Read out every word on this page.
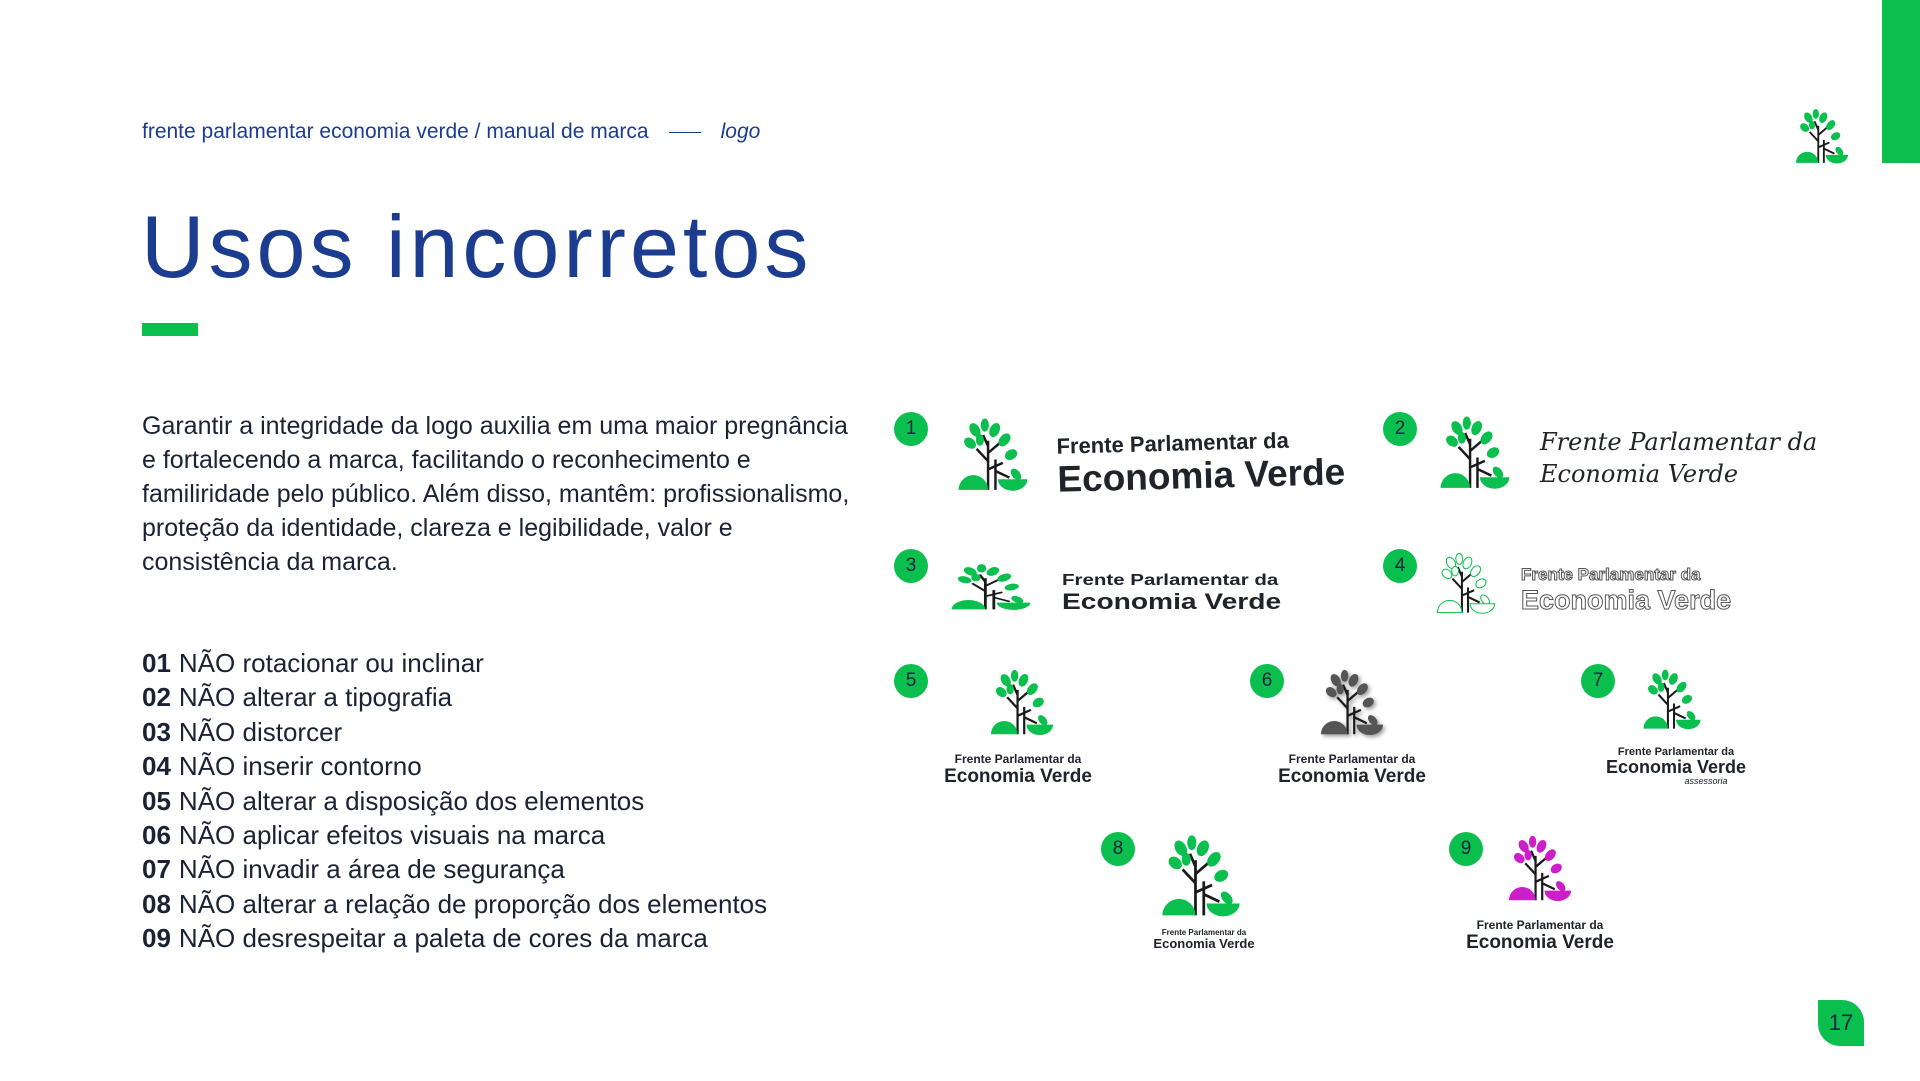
frente parlamentar economia verde / manual de marca	logo
Usos incorretos

Garantir a integridade da logo auxilia em uma maior pregnância e fortalecendo a marca, facilitando o reconhecimento e familiridade pelo público. Além disso, mantêm: profissionalismo, proteção da identidade, clareza e legibilidade, valor e consistência da marca.

01 NÃO rotacionar ou inclinar
02 NÃO alterar a tipografia
03 NÃO distorcer
04 NÃO inserir contorno
05 NÃO alterar a disposição dos elementos
06 NÃO aplicar efeitos visuais na marca
07 NÃO invadir a área de segurança
08 NÃO alterar a relação de proporção dos elementos
09 NÃO desrespeitar a paleta de cores da marca
1	Frente Parlamentar da
Economia Verde
2	Frente Parlamentar da
Economia Verde
3
Frente Parlamentar da
Economia Verde
4	Frente Parlamentar da
Economia Verde
5
Frente Parlamentar da
Economia Verde
6
Frente Parlamentar da
Economia Verde
7
Frente Parlamentar da
Economia Verde
assessoria
8
Frente Parlamentar da
Economia Verde
9
Frente Parlamentar da
Economia Verde
17
